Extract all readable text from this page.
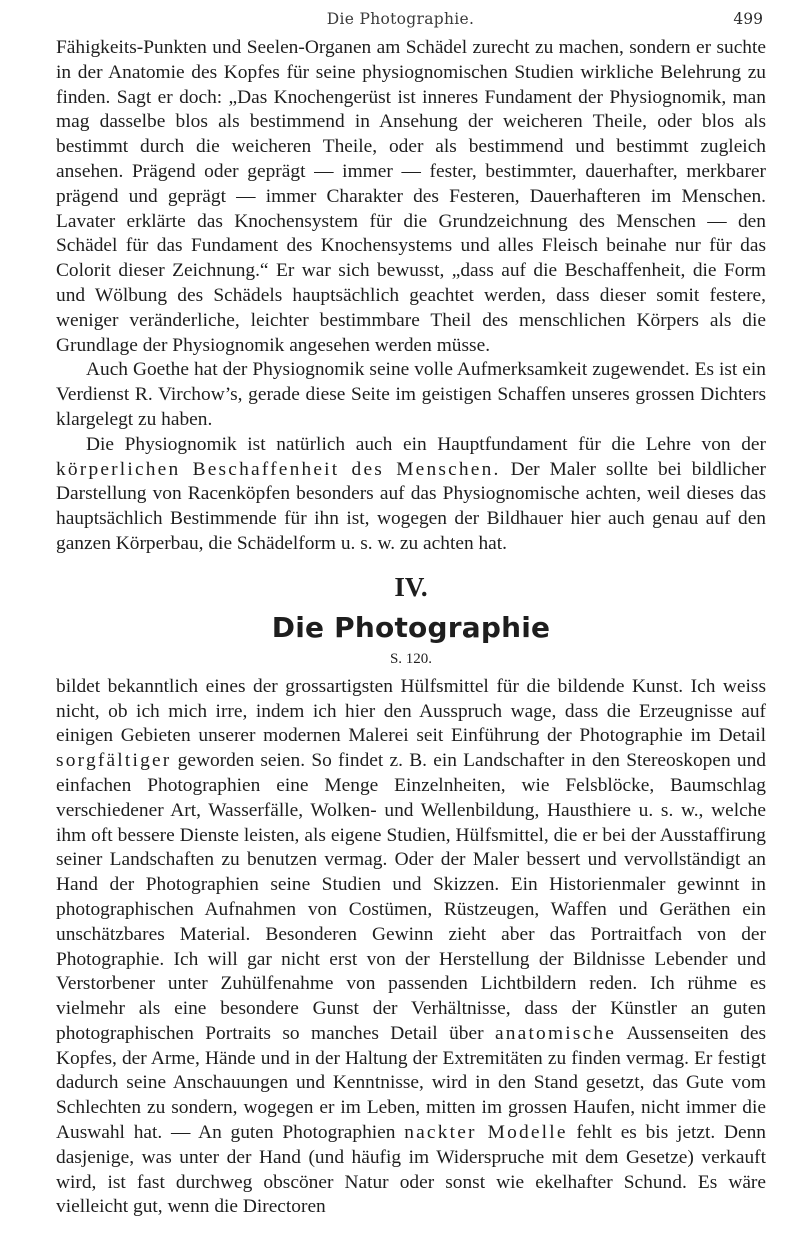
Die Photographie.	499

Fähigkeits-Punkten und Seelen-Organen am Schädel zurecht zu machen, sondern er suchte in der Anatomie des Kopfes für seine physiognomischen Studien wirkliche Belehrung zu finden. Sagt er doch: „Das Knochengerüst ist inneres Fundament der Physiognomik, man mag dasselbe blos als bestimmend in Ansehung der weicheren Theile, oder blos als bestimmt durch die weicheren Theile, oder als bestimmend und bestimmt zugleich ansehen. Prägend oder geprägt — immer — fester, bestimmter, dauerhafter, merkbarer prägend und geprägt — immer Charakter des Festeren, Dauerhafteren im Menschen. Lavater erklärte das Knochensystem für die Grundzeichnung des Menschen — den Schädel für das Fundament des Knochensystems und alles Fleisch beinahe nur für das Colorit dieser Zeichnung.“ Er war sich bewusst, „dass auf die Beschaffenheit, die Form und Wölbung des Schädels hauptsächlich geachtet werden, dass dieser somit festere, weniger veränderliche, leichter bestimmbare Theil des menschlichen Körpers als die Grundlage der Physiognomik angesehen werden müsse.

Auch Goethe hat der Physiognomik seine volle Aufmerksamkeit zugewendet. Es ist ein Verdienst R. Virchow’s, gerade diese Seite im geistigen Schaffen unseres grossen Dichters klargelegt zu haben.

Die Physiognomik ist natürlich auch ein Hauptfundament für die Lehre von der körperlichen Beschaffenheit des Menschen. Der Maler sollte bei bildlicher Darstellung von Racenköpfen besonders auf das Physiognomische achten, weil dieses das hauptsächlich Bestimmende für ihn ist, wogegen der Bildhauer hier auch genau auf den ganzen Körperbau, die Schädelform u. s. w. zu achten hat.

IV.
Die Photographie
S. 120.

bildet bekanntlich eines der grossartigsten Hülfsmittel für die bildende Kunst. Ich weiss nicht, ob ich mich irre, indem ich hier den Ausspruch wage, dass die Erzeugnisse auf einigen Gebieten unserer modernen Malerei seit Einführung der Photographie im Detail sorgfältiger geworden seien. So findet z. B. ein Landschafter in den Stereoskopen und einfachen Photographien eine Menge Einzelnheiten, wie Felsblöcke, Baumschlag verschiedener Art, Wasserfälle, Wolken- und Wellenbildung, Hausthiere u. s. w., welche ihm oft bessere Dienste leisten, als eigene Studien, Hülfsmittel, die er bei der Ausstaffirung seiner Landschaften zu benutzen vermag. Oder der Maler bessert und vervollständigt an Hand der Photographien seine Studien und Skizzen. Ein Historienmaler gewinnt in photographischen Aufnahmen von Costümen, Rüstzeugen, Waffen und Geräthen ein unschätzbares Material. Besonderen Gewinn zieht aber das Portraitfach von der Photographie. Ich will gar nicht erst von der Herstellung der Bildnisse Lebender und Verstorbener unter Zuhülfenahme von passenden Lichtbildern reden. Ich rühme es vielmehr als eine besondere Gunst der Verhältnisse, dass der Künstler an guten photographischen Portraits so manches Detail über anatomische Aussenseiten des Kopfes, der Arme, Hände und in der Haltung der Extremitäten zu finden vermag. Er festigt dadurch seine Anschauungen und Kenntnisse, wird in den Stand gesetzt, das Gute vom Schlechten zu sondern, wogegen er im Leben, mitten im grossen Haufen, nicht immer die Auswahl hat. — An guten Photographien nackter Modelle fehlt es bis jetzt. Denn dasjenige, was unter der Hand (und häufig im Widerspruche mit dem Gesetze) verkauft wird, ist fast durchweg obscöner Natur oder sonst wie ekelhafter Schund. Es wäre vielleicht gut, wenn die Directoren
